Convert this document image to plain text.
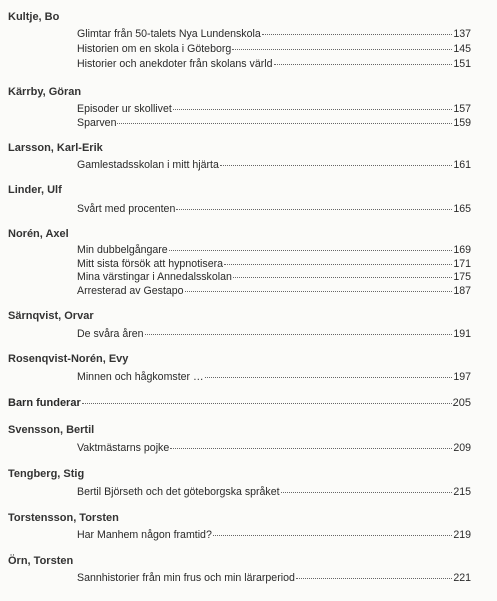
Kultje, Bo
Glimtar från 50-talets Nya Lundenskola	137
Historien om en skola i Göteborg	145
Historier och anekdoter från skolans värld	151
Kärrby, Göran
Episoder ur skollivet	157
Sparven	159
Larsson, Karl-Erik
Gamlestadsskolan i mitt hjärta	161
Linder, Ulf
Svårt med procenten	165
Norén, Axel
Min dubbelgångare	169
Mitt sista försök att hypnotisera	171
Mina värstingar i Annedalsskolan	175
Arresterad av Gestapo	187
Särnqvist, Orvar
De svåra åren	191
Rosenqvist-Norén, Evy
Minnen och hågkomster …	197
Barn funderar	205
Svensson, Bertil
Vaktmästarns pojke	209
Tengberg, Stig
Bertil Björseth och det göteborgska språket	215
Torstensson, Torsten
Har Manhem någon framtid?	219
Örn, Torsten
Sannhistorier från min frus och min lärarperiod	221
